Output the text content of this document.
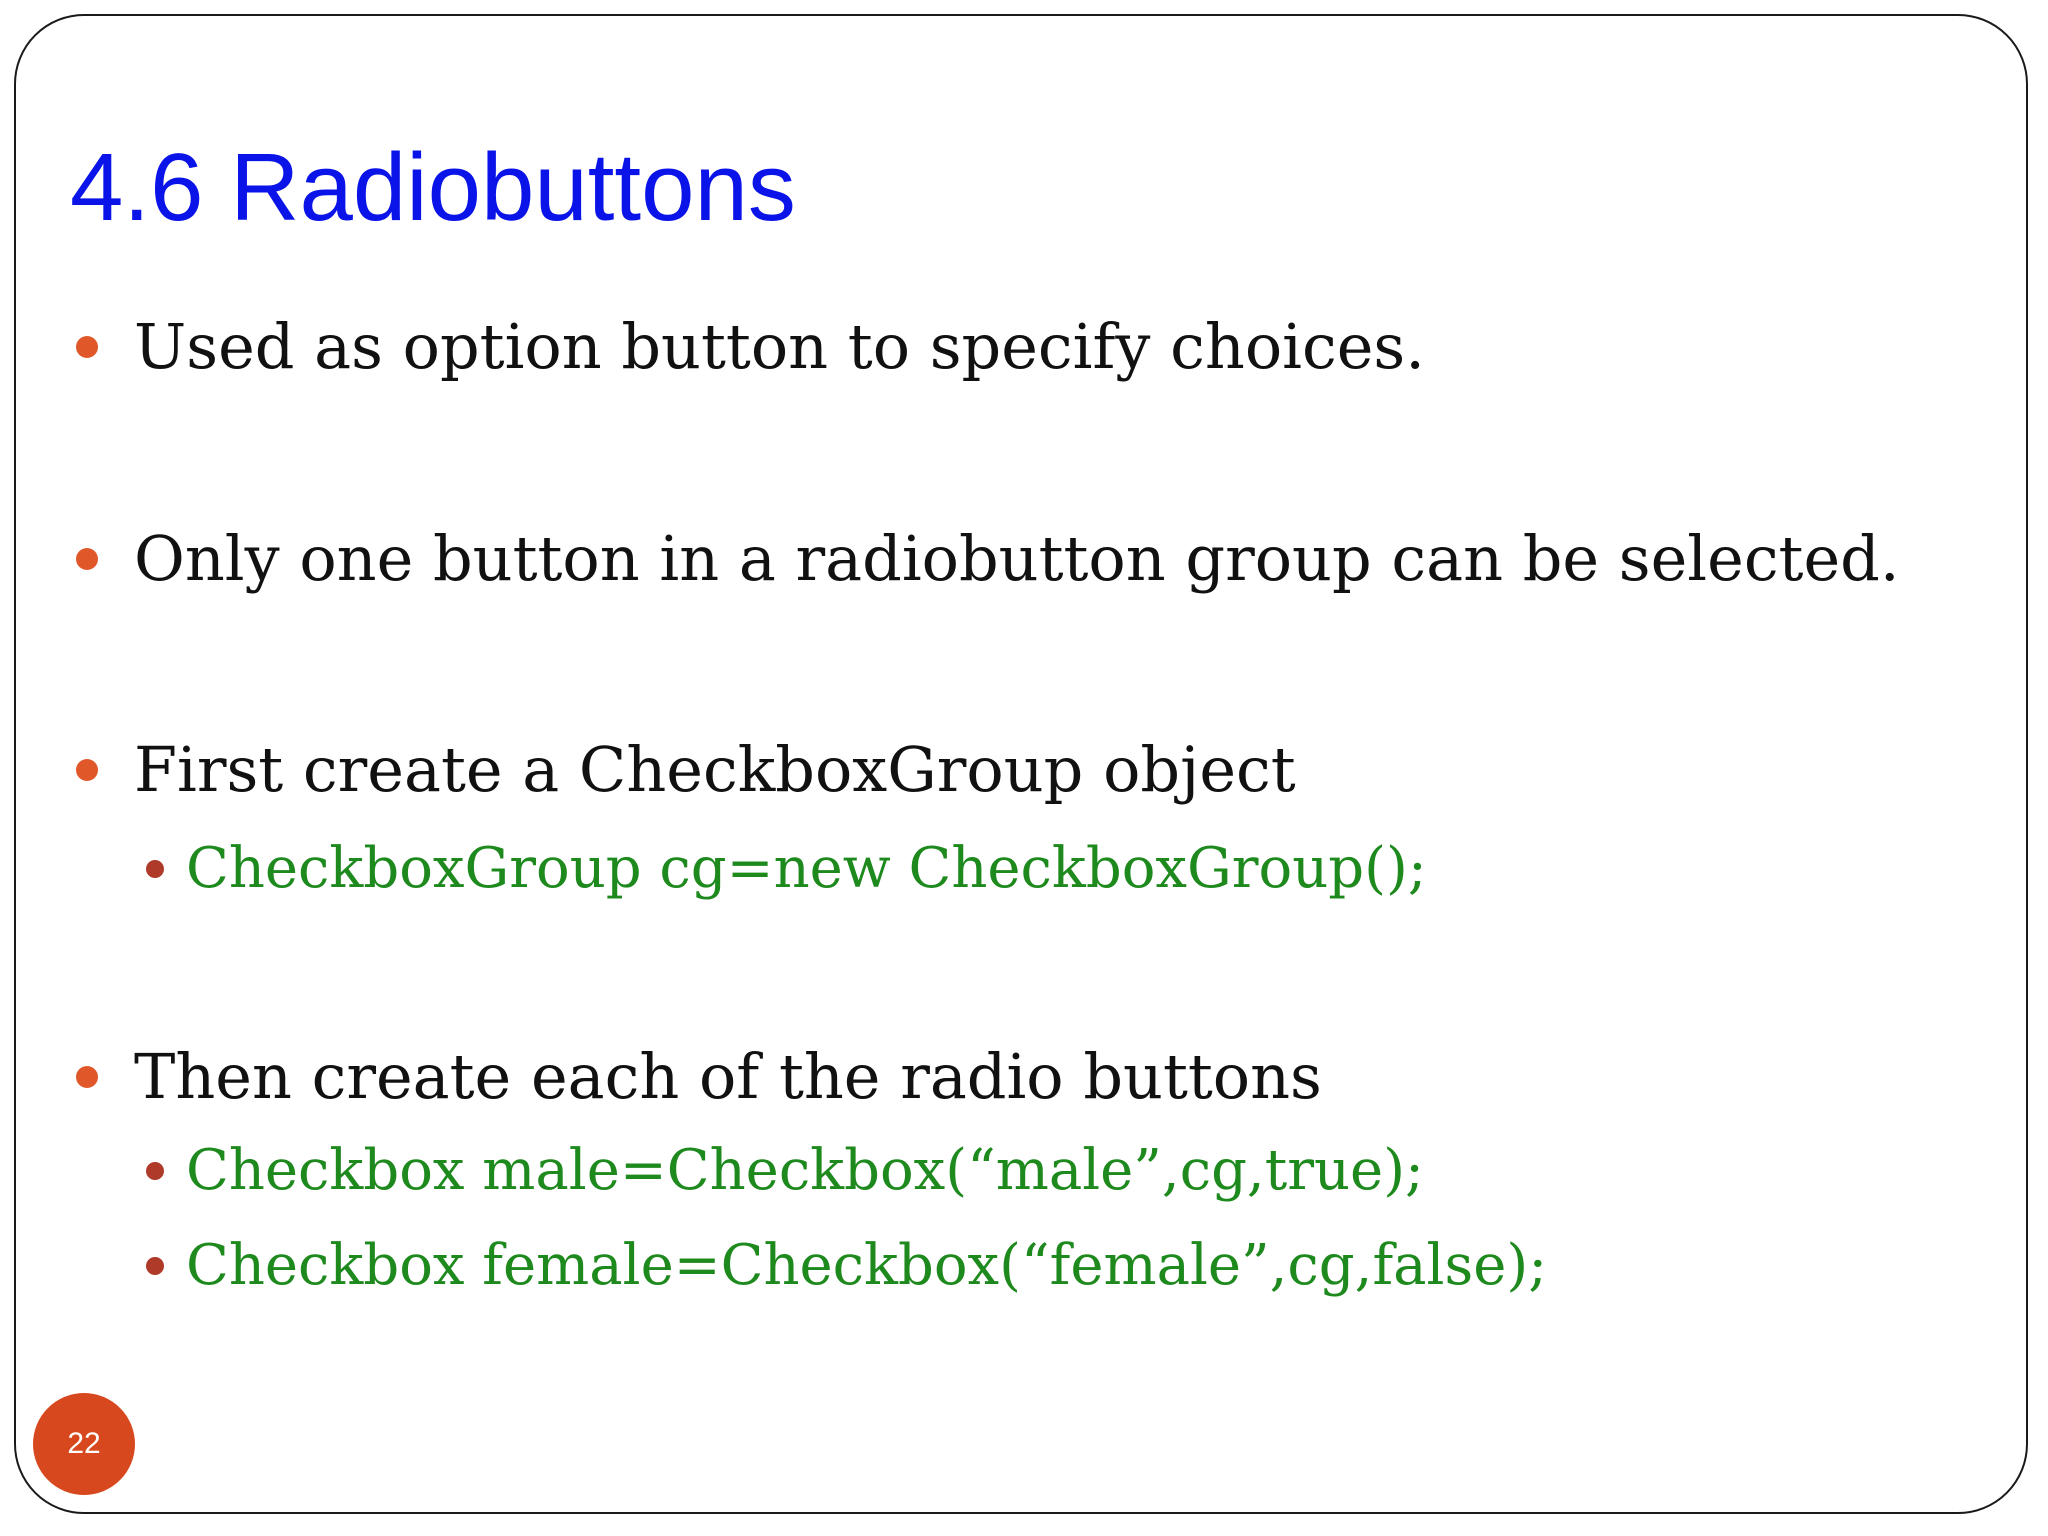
4.6 Radiobuttons
Used as option button to specify choices.
Only one button in a radiobutton group can be selected.
First create a CheckboxGroup object
CheckboxGroup cg=new CheckboxGroup();
Then create each of the radio buttons
Checkbox male=Checkbox(“male”,cg,true);
Checkbox female=Checkbox(“female”,cg,false);
22
